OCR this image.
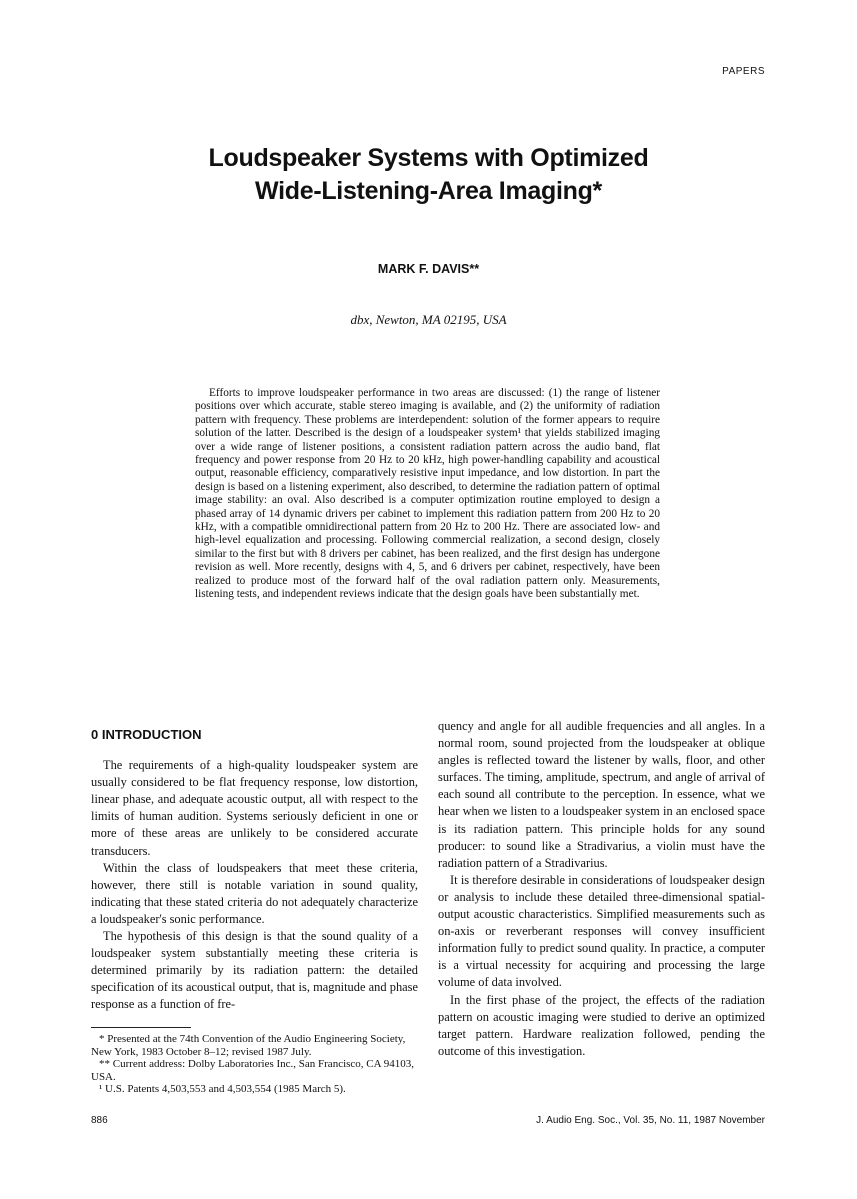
PAPERS
Loudspeaker Systems with Optimized
Wide-Listening-Area Imaging*
MARK F. DAVIS**
dbx, Newton, MA 02195, USA
Efforts to improve loudspeaker performance in two areas are discussed: (1) the range of listener positions over which accurate, stable stereo imaging is available, and (2) the uniformity of radiation pattern with frequency. These problems are interdependent: solution of the former appears to require solution of the latter. Described is the design of a loudspeaker system¹ that yields stabilized imaging over a wide range of listener positions, a consistent radiation pattern across the audio band, flat frequency and power response from 20 Hz to 20 kHz, high power-handling capability and acoustical output, reasonable efficiency, comparatively resistive input impedance, and low distortion. In part the design is based on a listening experiment, also described, to determine the radiation pattern of optimal image stability: an oval. Also described is a computer optimization routine employed to design a phased array of 14 dynamic drivers per cabinet to implement this radiation pattern from 200 Hz to 20 kHz, with a compatible omnidirectional pattern from 20 Hz to 200 Hz. There are associated low- and high-level equalization and processing. Following commercial realization, a second design, closely similar to the first but with 8 drivers per cabinet, has been realized, and the first design has undergone revision as well. More recently, designs with 4, 5, and 6 drivers per cabinet, respectively, have been realized to produce most of the forward half of the oval radiation pattern only. Measurements, listening tests, and independent reviews indicate that the design goals have been substantially met.

0 INTRODUCTION

The requirements of a high-quality loudspeaker system are usually considered to be flat frequency response, low distortion, linear phase, and adequate acoustic output, all with respect to the limits of human audition. Systems seriously deficient in one or more of these areas are unlikely to be considered accurate transducers.

Within the class of loudspeakers that meet these criteria, however, there still is notable variation in sound quality, indicating that these stated criteria do not adequately characterize a loudspeaker's sonic performance.

The hypothesis of this design is that the sound quality of a loudspeaker system substantially meeting these criteria is determined primarily by its radiation pattern: the detailed specification of its acoustical output, that is, magnitude and phase response as a function of fre-

quency and angle for all audible frequencies and all angles. In a normal room, sound projected from the loudspeaker at oblique angles is reflected toward the listener by walls, floor, and other surfaces. The timing, amplitude, spectrum, and angle of arrival of each sound all contribute to the perception. In essence, what we hear when we listen to a loudspeaker system in an enclosed space is its radiation pattern. This principle holds for any sound producer: to sound like a Stradivarius, a violin must have the radiation pattern of a Stradivarius.

It is therefore desirable in considerations of loudspeaker design or analysis to include these detailed three-dimensional spatial-output acoustic characteristics. Simplified measurements such as on-axis or reverberant responses will convey insufficient information fully to predict sound quality. In practice, a computer is a virtual necessity for acquiring and processing the large volume of data involved.

In the first phase of the project, the effects of the radiation pattern on acoustic imaging were studied to derive an optimized target pattern. Hardware realization followed, pending the outcome of this investigation.

* Presented at the 74th Convention of the Audio Engineering Society, New York, 1983 October 8–12; revised 1987 July.

** Current address: Dolby Laboratories Inc., San Francisco, CA 94103, USA.

¹ U.S. Patents 4,503,553 and 4,503,554 (1985 March 5).

886	J. Audio Eng. Soc., Vol. 35, No. 11, 1987 November
